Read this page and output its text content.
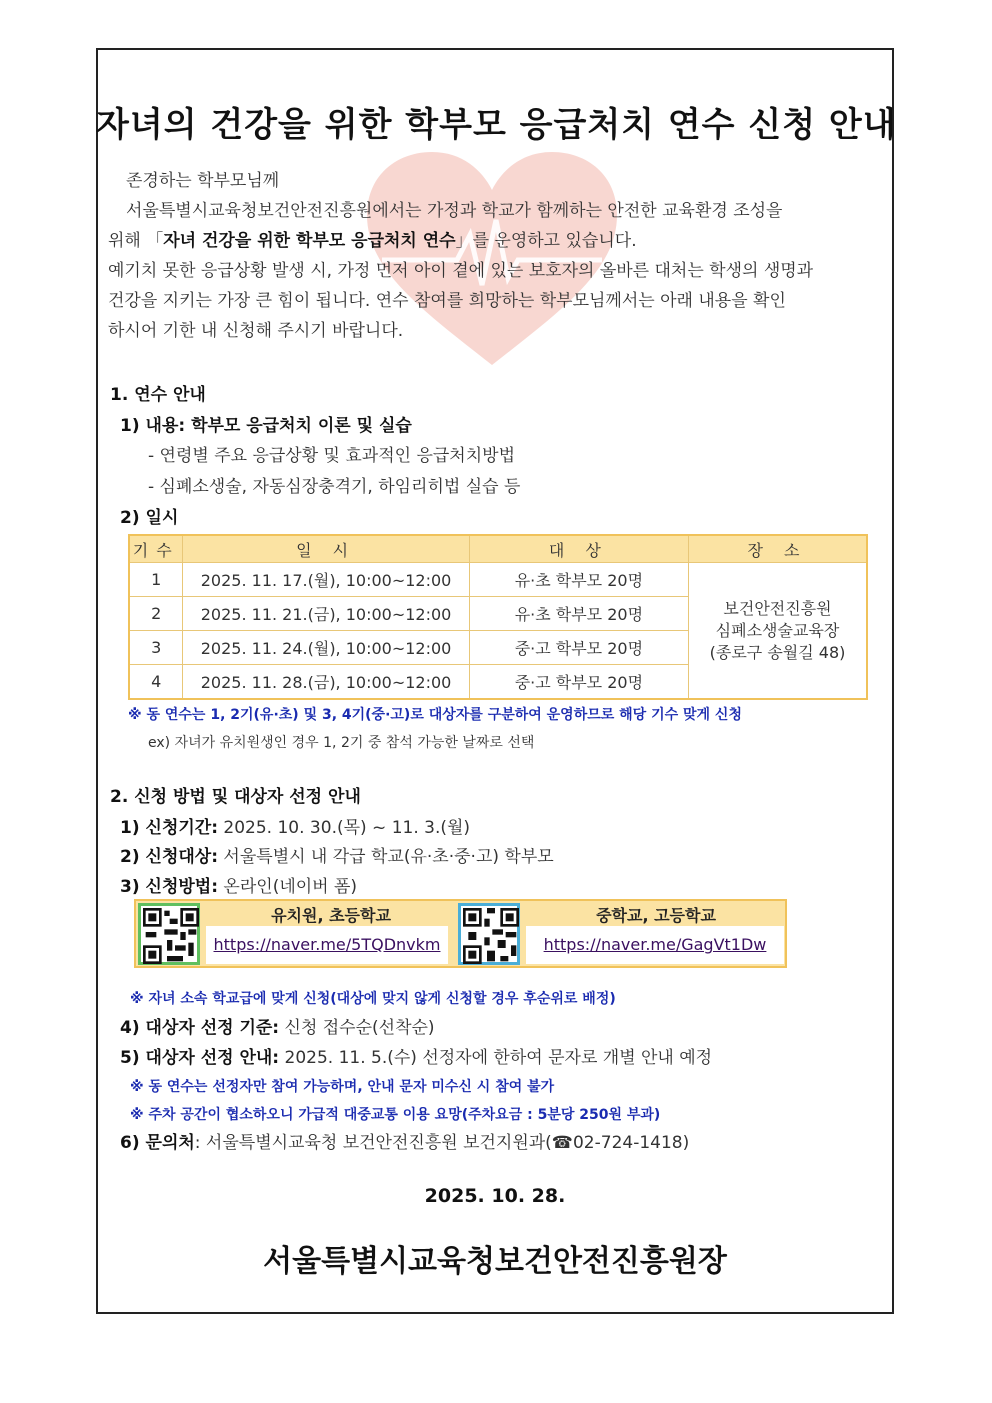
자녀의 건강을 위한 학부모 응급처치 연수 신청 안내
존경하는 학부모님께
서울특별시교육청보건안전진흥원에서는 가정과 학교가 함께하는 안전한 교육환경 조성을
위해 「자녀 건강을 위한 학부모 응급처치 연수」를 운영하고 있습니다.
예기치 못한 응급상황 발생 시, 가정 먼저 아이 곁에 있는 보호자의 올바른 대처는 학생의 생명과
건강을 지키는 가장 큰 힘이 됩니다. 연수 참여를 희망하는 학부모님께서는 아래 내용을 확인
하시어 기한 내 신청해 주시기 바랍니다.
1. 연수 안내
1) 내용: 학부모 응급처치 이론 및 실습
- 연령별 주요 응급상황 및 효과적인 응급처치방법
- 심폐소생술, 자동심장충격기, 하임리히법 실습 등
2) 일시
기수	일 시	대 상	장 소
1	2025. 11. 17.(월), 10:00~12:00	유·초 학부모 20명	보건안전진흥원
심폐소생술교육장
(종로구 송월길 48)

2	2025. 11. 21.(금), 10:00~12:00	유·초 학부모 20명	
3	2025. 11. 24.(월), 10:00~12:00	중·고 학부모 20명	
4	2025. 11. 28.(금), 10:00~12:00	중·고 학부모 20명	
※ 동 연수는 1, 2기(유·초) 및 3, 4기(중·고)로 대상자를 구분하여 운영하므로 해당 기수 맞게 신청
ex) 자녀가 유치원생인 경우 1, 2기 중 참석 가능한 날짜로 선택
2. 신청 방법 및 대상자 선정 안내
1) 신청기간: 2025. 10. 30.(목) ~ 11. 3.(월)
2) 신청대상: 서울특별시 내 각급 학교(유·초·중·고) 학부모
3) 신청방법: 온라인(네이버 폼)
유치원, 초등학교
https://naver.me/5TQDnvkm
중학교, 고등학교
https://naver.me/GagVt1Dw
※ 자녀 소속 학교급에 맞게 신청(대상에 맞지 않게 신청할 경우 후순위로 배정)
4) 대상자 선정 기준: 신청 접수순(선착순)
5) 대상자 선정 안내: 2025. 11. 5.(수) 선정자에 한하여 문자로 개별 안내 예정
※ 동 연수는 선정자만 참여 가능하며, 안내 문자 미수신 시 참여 불가
※ 주차 공간이 협소하오니 가급적 대중교통 이용 요망(주차요금 : 5분당 250원 부과)
6) 문의처: 서울특별시교육청 보건안전진흥원 보건지원과(☎02-724-1418)
2025. 10. 28.
서울특별시교육청보건안전진흥원장
